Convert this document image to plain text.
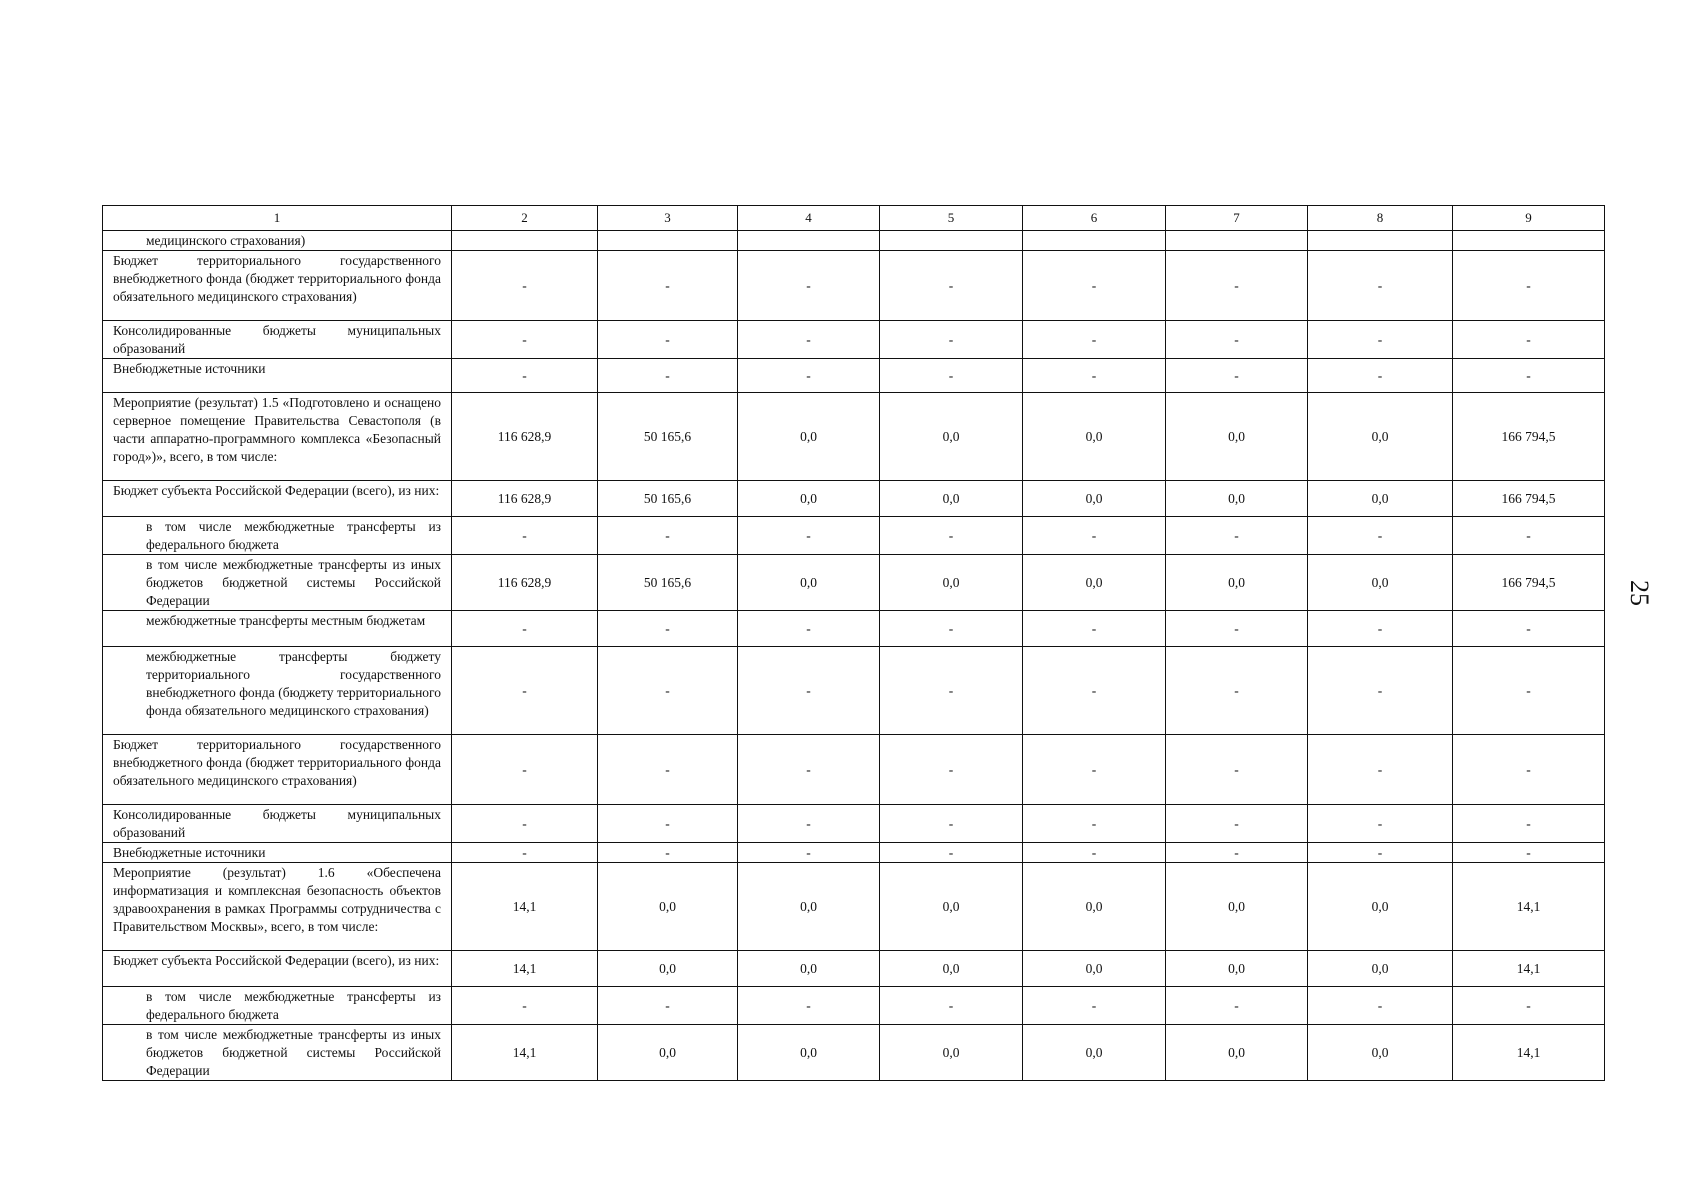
1	2	3	4	5	6	7	8	9
медицинского страхования)								
Бюджет территориального государственного внебюджетного фонда (бюджет территориального фонда обязательного медицинского страхования)	-	-	-	-	-	-	-	-
Консолидированные бюджеты муниципальных образований	-	-	-	-	-	-	-	-
Внебюджетные источники	-	-	-	-	-	-	-	-
Мероприятие (результат) 1.5 «Подготовлено и оснащено серверное помещение Правительства Севастополя (в части аппаратно-программного комплекса «Безопасный город»)», всего, в том числе:	116 628,9	50 165,6	0,0	0,0	0,0	0,0	0,0	166 794,5
Бюджет субъекта Российской Федерации (всего), из них:	116 628,9	50 165,6	0,0	0,0	0,0	0,0	0,0	166 794,5
в том числе межбюджетные трансферты из федерального бюджета	-	-	-	-	-	-	-	-
в том числе межбюджетные трансферты из иных бюджетов бюджетной системы Российской Федерации	116 628,9	50 165,6	0,0	0,0	0,0	0,0	0,0	166 794,5
межбюджетные трансферты местным бюджетам	-	-	-	-	-	-	-	-
межбюджетные трансферты бюджету территориального государственного внебюджетного фонда (бюджету территориального фонда обязательного медицинского страхования)	-	-	-	-	-	-	-	-
Бюджет территориального государственного внебюджетного фонда (бюджет территориального фонда обязательного медицинского страхования)	-	-	-	-	-	-	-	-
Консолидированные бюджеты муниципальных образований	-	-	-	-	-	-	-	-
Внебюджетные источники	-	-	-	-	-	-	-	-
Мероприятие (результат) 1.6 «Обеспечена информатизация и комплексная безопасность объектов здравоохранения в рамках Программы сотрудничества с Правительством Москвы», всего, в том числе:	14,1	0,0	0,0	0,0	0,0	0,0	0,0	14,1
Бюджет субъекта Российской Федерации (всего), из них:	14,1	0,0	0,0	0,0	0,0	0,0	0,0	14,1
в том числе межбюджетные трансферты из федерального бюджета	-	-	-	-	-	-	-	-
в том числе межбюджетные трансферты из иных бюджетов бюджетной системы Российской Федерации	14,1	0,0	0,0	0,0	0,0	0,0	0,0	14,1
25
